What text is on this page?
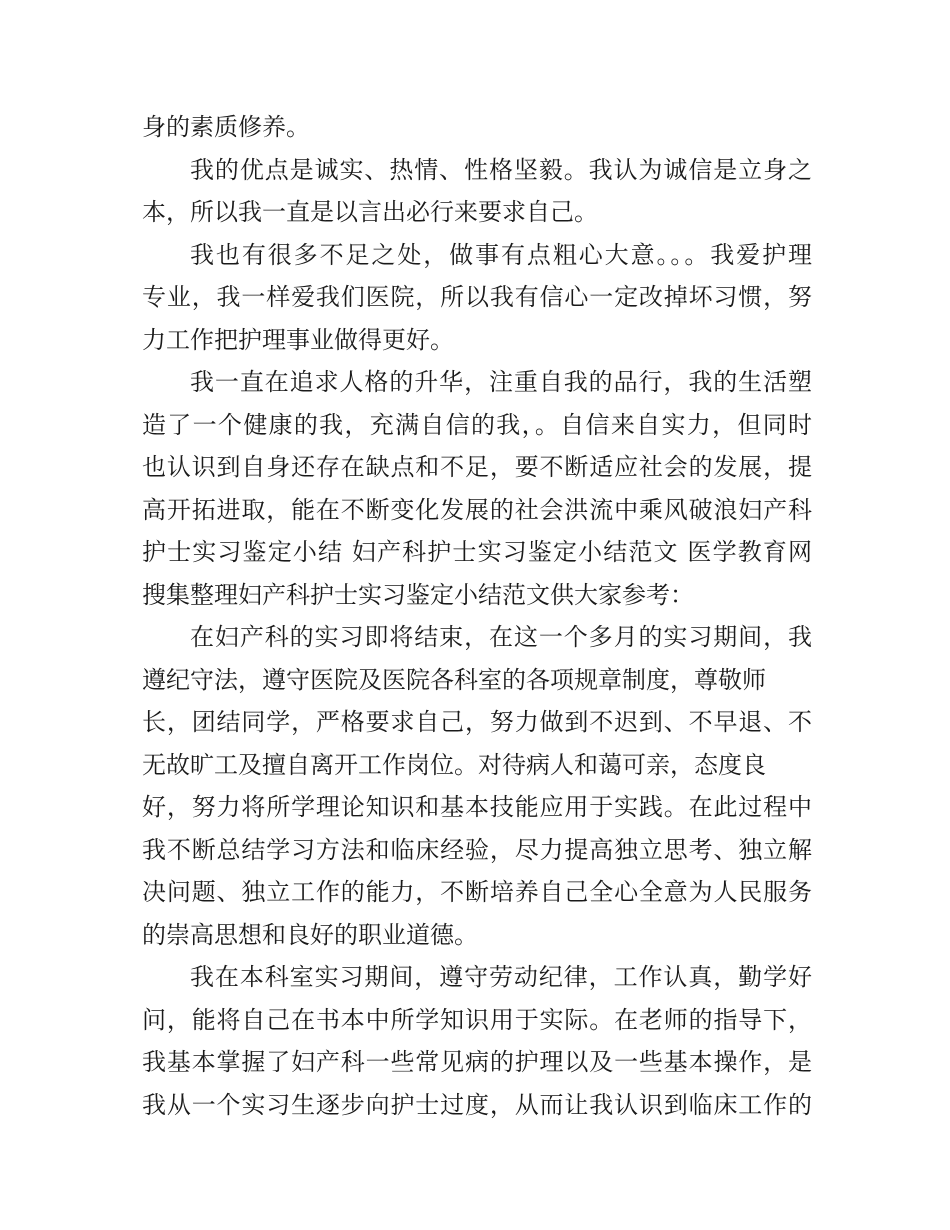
身的素质修养。
我的优点是诚实、热情、性格坚毅。我认为诚信是立身之
本，所以我一直是以言出必行来要求自己。
我也有很多不足之处，做事有点粗心大意。。。我爱护理
专业，我一样爱我们医院，所以我有信心一定改掉坏习惯，努
力工作把护理事业做得更好。
我一直在追求人格的升华，注重自我的品行，我的生活塑
造了一个健康的我，充满自信的我，。自信来自实力，但同时
也认识到自身还存在缺点和不足，要不断适应社会的发展，提
高开拓进取，能在不断变化发展的社会洪流中乘风破浪妇产科
护士实习鉴定小结 妇产科护士实习鉴定小结范文 医学教育网
搜集整理妇产科护士实习鉴定小结范文供大家参考：
在妇产科的实习即将结束，在这一个多月的实习期间，我
遵纪守法，遵守医院及医院各科室的各项规章制度，尊敬师
长，团结同学，严格要求自己，努力做到不迟到、不早退、不
无故旷工及擅自离开工作岗位。对待病人和蔼可亲，态度良
好，努力将所学理论知识和基本技能应用于实践。在此过程中
我不断总结学习方法和临床经验，尽力提高独立思考、独立解
决问题、独立工作的能力，不断培养自己全心全意为人民服务
的崇高思想和良好的职业道德。
我在本科室实习期间，遵守劳动纪律，工作认真，勤学好
问，能将自己在书本中所学知识用于实际。在老师的指导下，
我基本掌握了妇产科一些常见病的护理以及一些基本操作，是
我从一个实习生逐步向护士过度，从而让我认识到临床工作的
